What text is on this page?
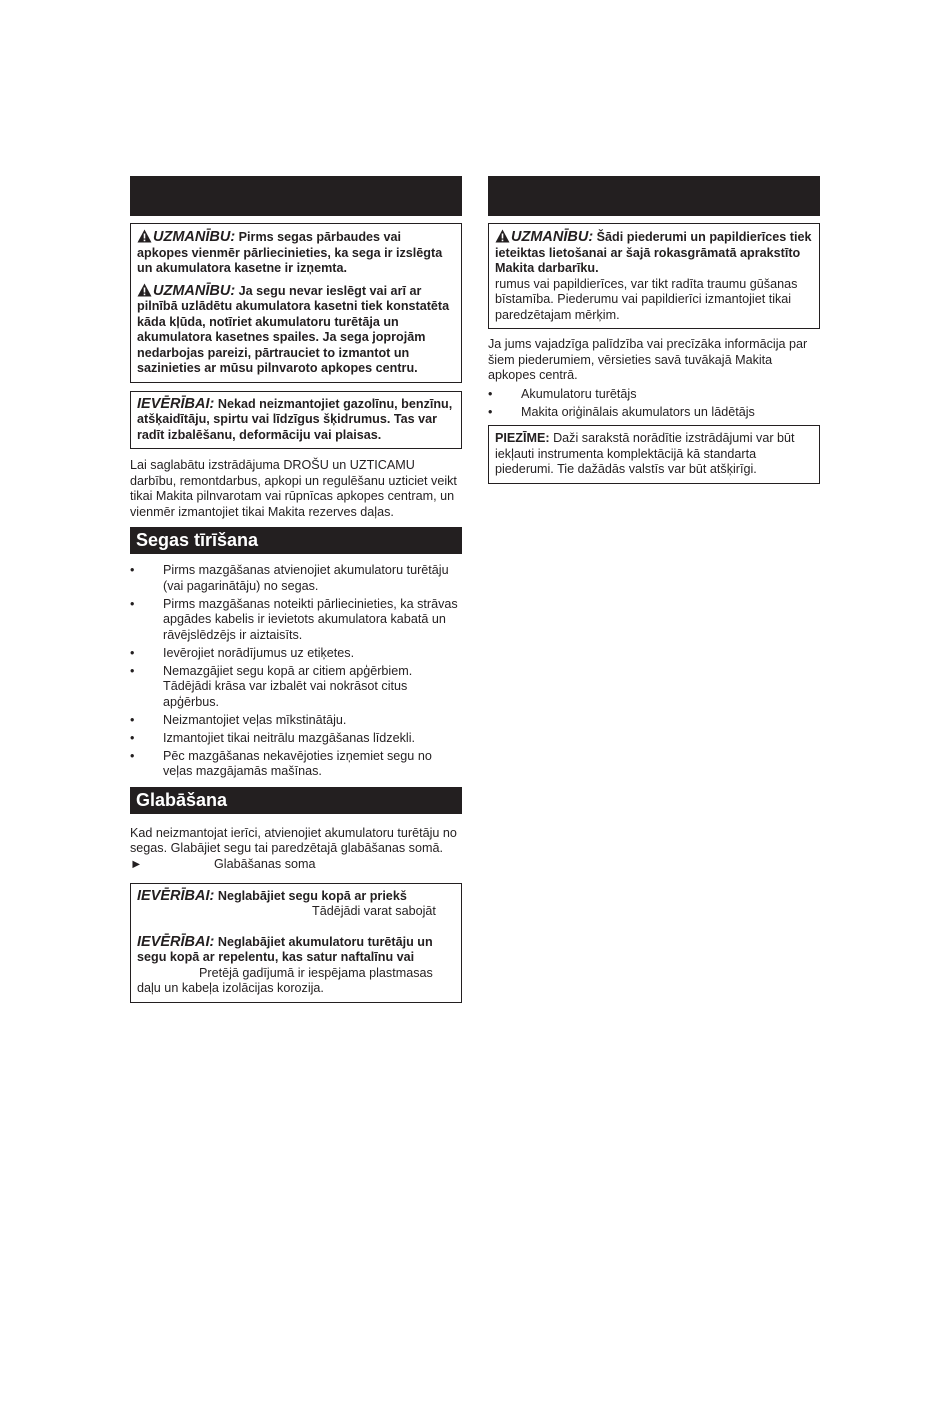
UZMANĪBU: Pirms segas pārbaudes vai apkopes vienmēr pārliecinieties, ka sega ir izslēgta un akumulatora kasetne ir izņemta.

UZMANĪBU: Ja segu nevar ieslēgt vai arī ar pilnībā uzlādētu akumulatora kasetni tiek konstatēta kāda kļūda, notīriet akumulatoru turētāja un akumulatora kasetnes spailes. Ja sega joprojām nedarbojas pareizi, pārtrauciet to izmantot un sazinieties ar mūsu pilnvaroto apkopes centru.

IEVĒRĪBAI: Nekad neizmantojiet gazolīnu, benzīnu, atšķaidītāju, spirtu vai līdzīgus šķidrumus. Tas var radīt izbalēšanu, deformāciju vai plaisas.

Lai saglabātu izstrādājuma DROŠU un UZTICAMU darbību, remontdarbus, apkopi un regulēšanu uzticiet veikt tikai Makita pilnvarotam vai rūpnīcas apkopes centram, un vienmēr izmantojiet tikai Makita rezerves daļas.

Segas tīrīšana
• Pirms mazgāšanas atvienojiet akumulatoru turētāju (vai pagarinātāju) no segas.
• Pirms mazgāšanas noteikti pārliecinieties, ka strāvas apgādes kabelis ir ievietots akumulatora kabatā un rāvējslēdzējs ir aiztaisīts.
• Ievērojiet norādījumus uz etiķetes.
• Nemazgājiet segu kopā ar citiem apģērbiem. Tādējādi krāsa var izbalēt vai nokrāsot citus apģērbus.
• Neizmantojiet veļas mīkstinātāju.
• Izmantojiet tikai neitrālu mazgāšanas līdzekli.
• Pēc mazgāšanas nekavējoties izņemiet segu no veļas mazgājamās mašīnas.
Glabāšana

Kad neizmantojat ierīci, atvienojiet akumulatoru turētāju no segas. Glabājiet segu tai paredzētajā glabāšanas somā.

►	Glabāšanas soma

IEVĒRĪBAI: Neglabājiet segu kopā ar priekš
Tādējādi varat sabojāt

IEVĒRĪBAI: Neglabājiet akumulatoru turētāju un segu kopā ar repelentu, kas satur naftalīnu vai
Pretējā gadījumā ir iespējama plastmasas daļu un kabeļa izolācijas korozija.

UZMANĪBU: Šādi piederumi un papildierīces tiek ieteiktas lietošanai ar šajā rokasgrāmatā aprakstīto Makita darbarīku.
rumus vai papildierīces, var tikt radīta traumu gūšanas bīstamība. Piederumu vai papildierīci izmantojiet tikai paredzētajam mērķim.

Ja jums vajadzīga palīdzība vai precīzāka informācija par šiem piederumiem, vērsieties savā tuvākajā Makita apkopes centrā.

• Akumulatoru turētājs
• Makita oriģinālais akumulators un lādētājs

PIEZĪME: Daži sarakstā norādītie izstrādājumi var būt iekļauti instrumenta komplektācijā kā standarta piederumi. Tie dažādās valstīs var būt atšķirīgi.
